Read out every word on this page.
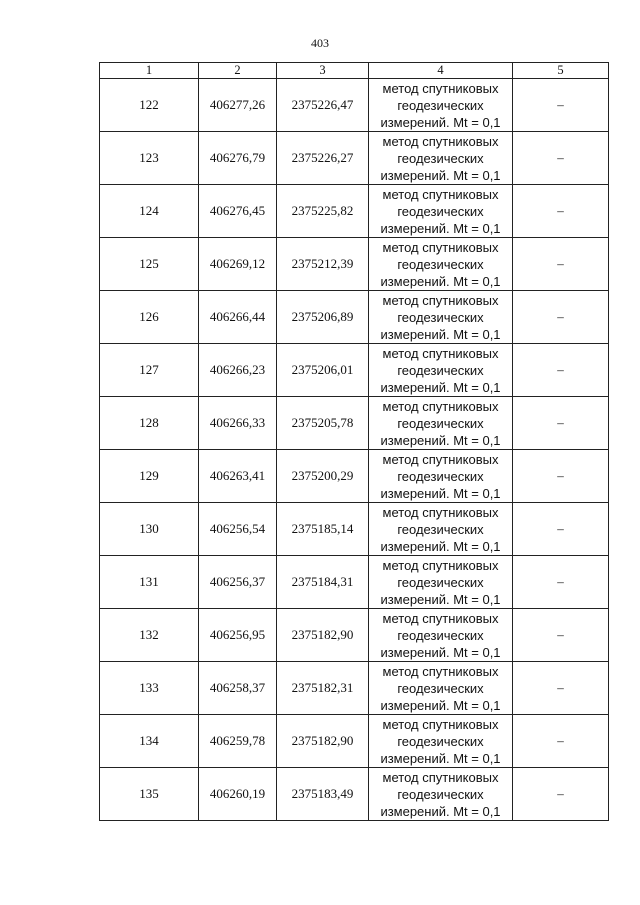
403
1	2	3	4	5
122	406277,26	2375226,47	метод спутниковых
геодезических
измерений. Mt = 0,1	–
123	406276,79	2375226,27	метод спутниковых
геодезических
измерений. Mt = 0,1	–
124	406276,45	2375225,82	метод спутниковых
геодезических
измерений. Mt = 0,1	–
125	406269,12	2375212,39	метод спутниковых
геодезических
измерений. Mt = 0,1	–
126	406266,44	2375206,89	метод спутниковых
геодезических
измерений. Mt = 0,1	–
127	406266,23	2375206,01	метод спутниковых
геодезических
измерений. Mt = 0,1	–
128	406266,33	2375205,78	метод спутниковых
геодезических
измерений. Mt = 0,1	–
129	406263,41	2375200,29	метод спутниковых
геодезических
измерений. Mt = 0,1	–
130	406256,54	2375185,14	метод спутниковых
геодезических
измерений. Mt = 0,1	–
131	406256,37	2375184,31	метод спутниковых
геодезических
измерений. Mt = 0,1	–
132	406256,95	2375182,90	метод спутниковых
геодезических
измерений. Mt = 0,1	–
133	406258,37	2375182,31	метод спутниковых
геодезических
измерений. Mt = 0,1	–
134	406259,78	2375182,90	метод спутниковых
геодезических
измерений. Mt = 0,1	–
135	406260,19	2375183,49	метод спутниковых
геодезических
измерений. Mt = 0,1	–
